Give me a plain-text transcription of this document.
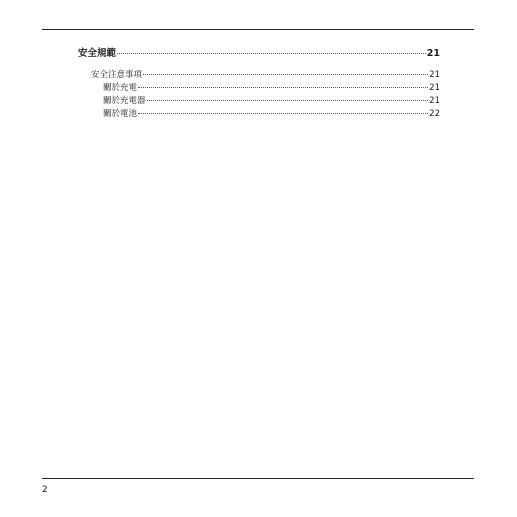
安全規範	21
安全注意事項	21
關於充電	21
關於充電器	21
關於電池	22
2
